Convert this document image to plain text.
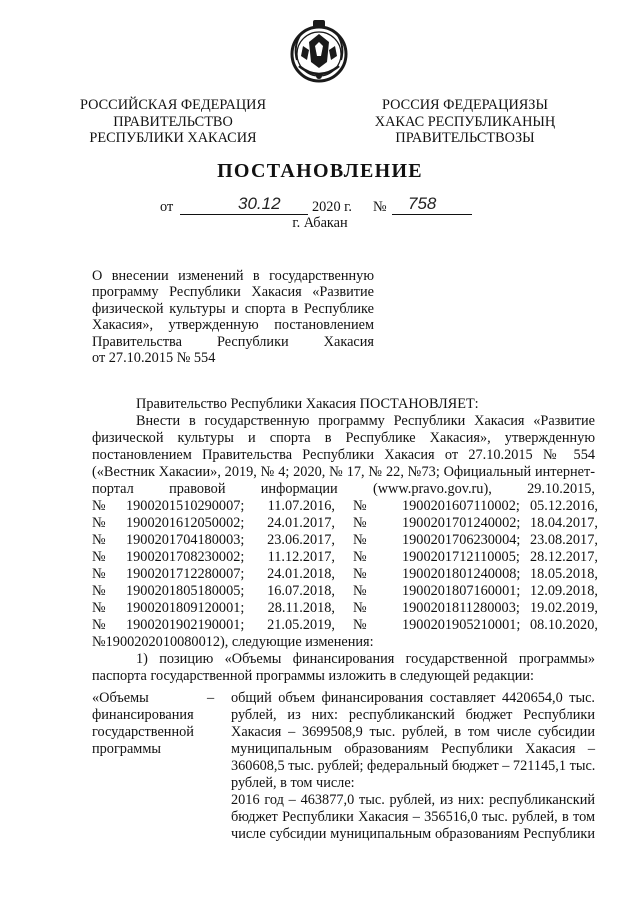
РОССИЙСКАЯ ФЕДЕРАЦИЯ
ПРАВИТЕЛЬСТВО
РЕСПУБЛИКИ ХАКАСИЯ
РОССИЯ ФЕДЕРАЦИЯЗЫ
ХАКАС РЕСПУБЛИКАНЫҢ
ПРАВИТЕЛЬСТВОЗЫ
ПОСТАНОВЛЕНИЕ
от	30.12 2020 г. № 758
г. Абакан
О внесении изменений в государственную
программу Республики Хакасия «Развитие
физической культуры и спорта в Республике
Хакасия», утвержденную постановлением
Правительства Республики Хакасия
от 27.10.2015 № 554
Правительство Республики Хакасия ПОСТАНОВЛЯЕТ:
Внести в государственную программу Республики Хакасия «Развитие
физической культуры и спорта в Республике Хакасия», утвержденную
постановлением Правительства Республики Хакасия от 27.10.2015 № 554
(«Вестник Хакасии», 2019, № 4; 2020, № 17, № 22, №73; Официальный интернет-
портал правовой информации (www.pravo.gov.ru), 29.10.2015,
№	1900201510290007;	11.07.2016,	№	1900201607110002; 05.12.2016,
№	1900201612050002;	24.01.2017,	№	1900201701240002; 18.04.2017,
№	1900201704180003;	23.06.2017,	№	1900201706230004; 23.08.2017,
№	1900201708230002;	11.12.2017,	№	1900201712110005; 28.12.2017,
№	1900201712280007;	24.01.2018,	№	1900201801240008; 18.05.2018,
№	1900201805180005;	16.07.2018,	№	1900201807160001; 12.09.2018,
№	1900201809120001;	28.11.2018,	№	1900201811280003; 19.02.2019,
№	1900201902190001;	21.05.2019,	№	1900201905210001; 08.10.2020,
№1900202010080012), следующие изменения:
1) позицию «Объемы финансирования государственной программы»
паспорта государственной программы изложить в следующей редакции:
«Объемы
финансирования
государственной
программы
– общий объем финансирования составляет 4420654,0 тыс.
рублей, из них: республиканский бюджет Республики
Хакасия – 3699508,9 тыс. рублей, в том числе субсидии
муниципальным образованиям Республики Хакасия –
360608,5 тыс. рублей; федеральный бюджет – 721145,1 тыс.
рублей, в том числе:
2016 год – 463877,0 тыс. рублей, из них: республиканский
бюджет Республики Хакасия – 356516,0 тыс. рублей, в том
числе субсидии муниципальным образованиям Республики
